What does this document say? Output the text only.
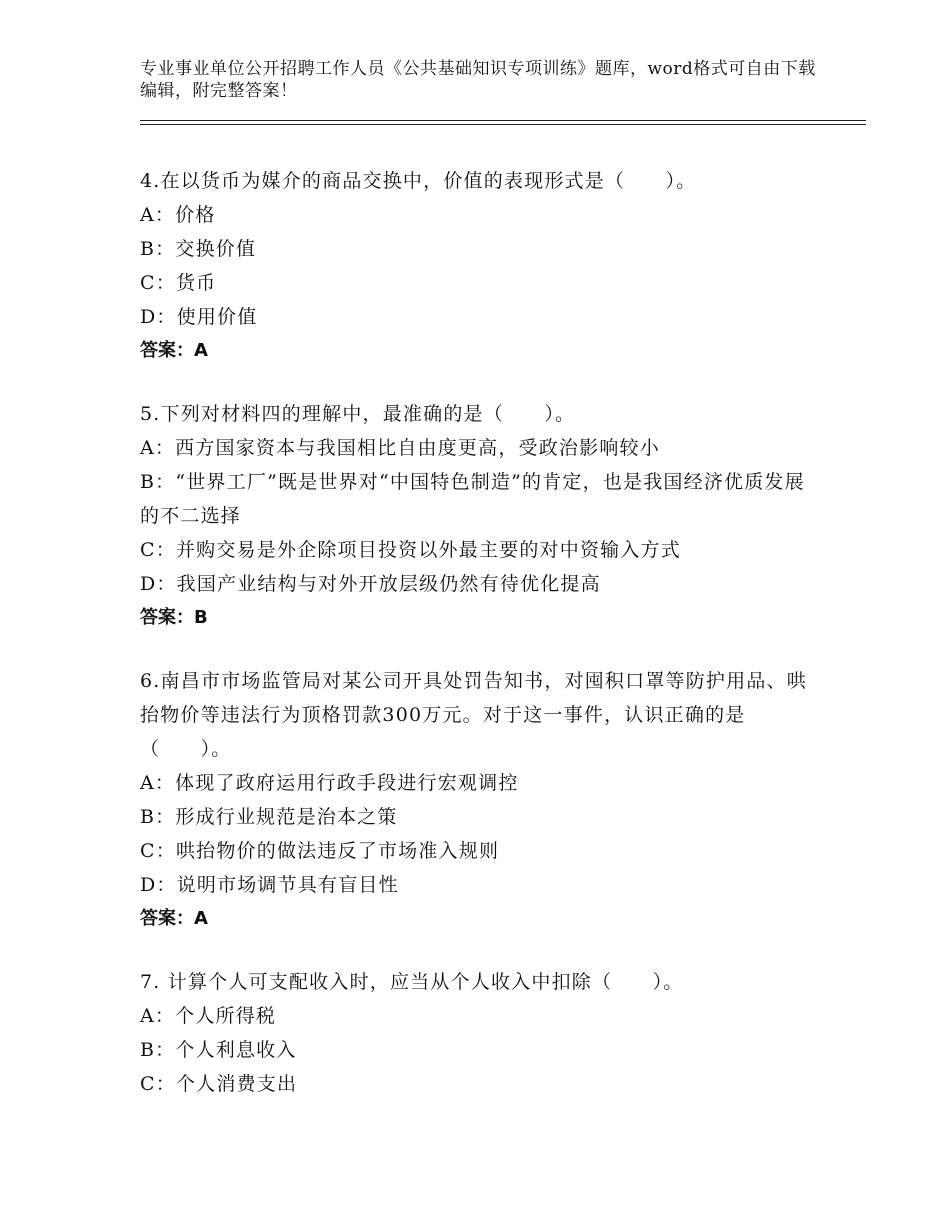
专业事业单位公开招聘工作人员《公共基础知识专项训练》题库，word格式可自由下载编辑，附完整答案！
4.在以货币为媒介的商品交换中，价值的表现形式是（　　）。
A：价格
B：交换价值
C：货币
D：使用价值
答案：A
5.下列对材料四的理解中，最准确的是（　　）。
A：西方国家资本与我国相比自由度更高，受政治影响较小
B：“世界工厂”既是世界对“中国特色制造”的肯定，也是我国经济优质发展的不二选择
C：并购交易是外企除项目投资以外最主要的对中资输入方式
D：我国产业结构与对外开放层级仍然有待优化提高
答案：B
6.南昌市市场监管局对某公司开具处罚告知书，对囤积口罩等防护用品、哄抬物价等违法行为顶格罚款300万元。对于这一事件，认识正确的是（　　）。
A：体现了政府运用行政手段进行宏观调控
B：形成行业规范是治本之策
C：哄抬物价的做法违反了市场准入规则
D：说明市场调节具有盲目性
答案：A
7. 计算个人可支配收入时，应当从个人收入中扣除（　　）。
A：个人所得税
B：个人利息收入
C：个人消费支出
